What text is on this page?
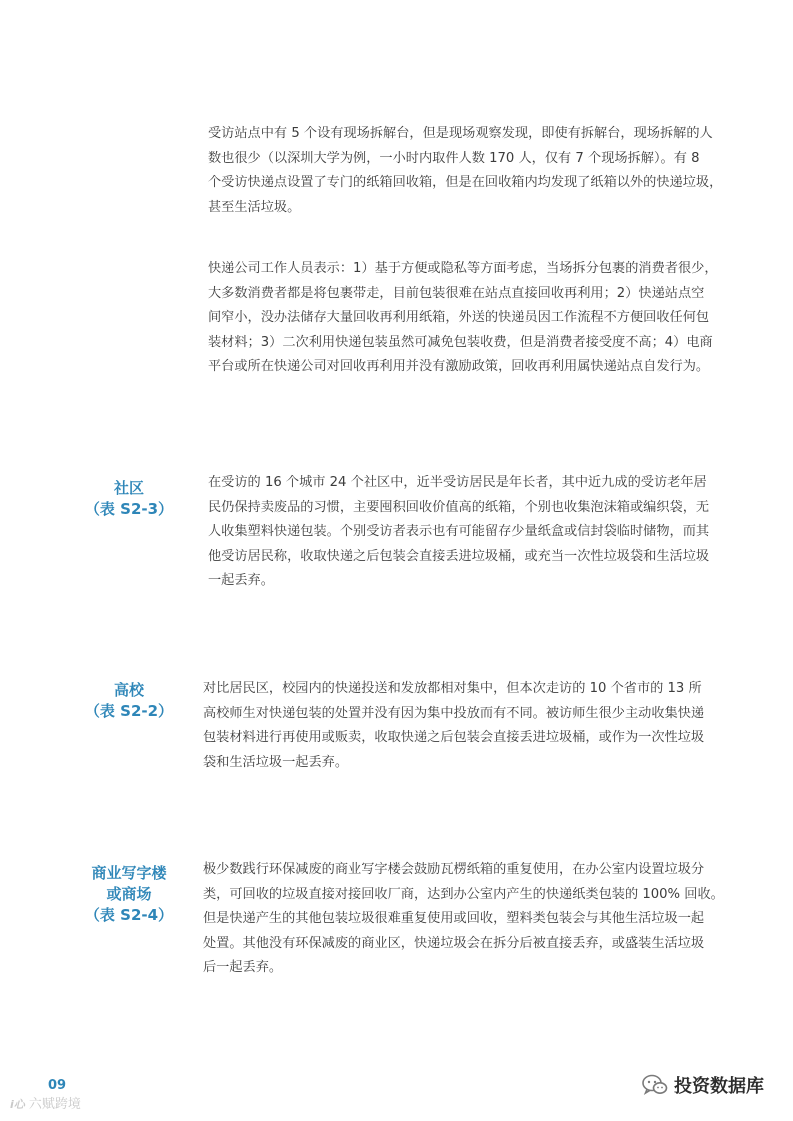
受访站点中有 5 个设有现场拆解台，但是现场观察发现，即使有拆解台，现场拆解的人
数也很少（以深圳大学为例，一小时内取件人数 170 人，仅有 7 个现场拆解）。有 8
个受访快递点设置了专门的纸箱回收箱，但是在回收箱内均发现了纸箱以外的快递垃圾，
甚至生活垃圾。

快递公司工作人员表示：1）基于方便或隐私等方面考虑，当场拆分包裹的消费者很少，
大多数消费者都是将包裹带走，目前包装很难在站点直接回收再利用；2）快递站点空
间窄小，没办法储存大量回收再利用纸箱，外送的快递员因工作流程不方便回收任何包
装材料；3）二次利用快递包装虽然可减免包装收费，但是消费者接受度不高；4）电商
平台或所在快递公司对回收再利用并没有激励政策，回收再利用属快递站点自发行为。

社区
（表 S2-3）

在受访的 16 个城市 24 个社区中，近半受访居民是年长者，其中近九成的受访老年居
民仍保持卖废品的习惯，主要囤积回收价值高的纸箱，个别也收集泡沫箱或编织袋，无
人收集塑料快递包装。个别受访者表示也有可能留存少量纸盒或信封袋临时储物，而其
他受访居民称，收取快递之后包装会直接丢进垃圾桶，或充当一次性垃圾袋和生活垃圾
一起丢弃。

高校
（表 S2-2）

对比居民区，校园内的快递投送和发放都相对集中，但本次走访的 10 个省市的 13 所
高校师生对快递包装的处置并没有因为集中投放而有不同。被访师生很少主动收集快递
包装材料进行再使用或贩卖，收取快递之后包装会直接丢进垃圾桶，或作为一次性垃圾
袋和生活垃圾一起丢弃。

商业写字楼
或商场
（表 S2-4）

极少数践行环保减废的商业写字楼会鼓励瓦楞纸箱的重复使用，在办公室内设置垃圾分
类，可回收的垃圾直接对接回收厂商，达到办公室内产生的快递纸类包装的 100% 回收。
但是快递产生的其他包装垃圾很难重复使用或回收，塑料类包装会与其他生活垃圾一起
处置。其他没有环保减废的商业区，快递垃圾会在拆分后被直接丢弃，或盛装生活垃圾
后一起丢弃。

09
i心 六赋跨境
投资数据库
